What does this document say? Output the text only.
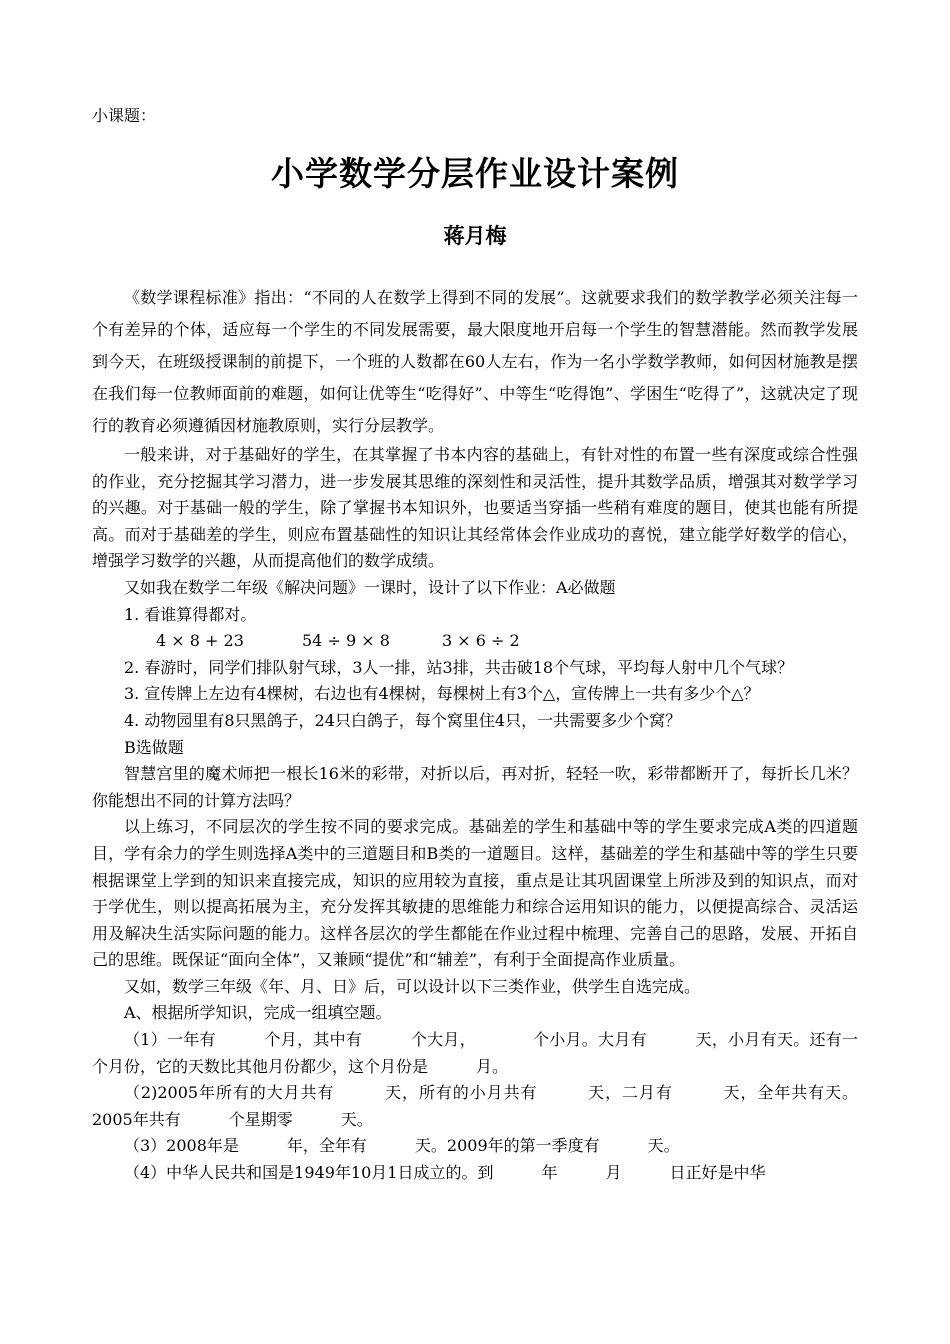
小课题：
小学数学分层作业设计案例
蒋月梅

《数学课程标准》指出：“不同的人在数学上得到不同的发展”。这就要求我们的数学教学必须关注每一个有差异的个体，适应每一个学生的不同发展需要，最大限度地开启每一个学生的智慧潜能。然而教学发展到今天，在班级授课制的前提下，一个班的人数都在60人左右，作为一名小学数学教师，如何因材施教是摆在我们每一位教师面前的难题，如何让优等生“吃得好”、中等生“吃得饱”、学困生“吃得了”，这就决定了现行的教育必须遵循因材施教原则，实行分层教学。

一般来讲，对于基础好的学生，在其掌握了书本内容的基础上，有针对性的布置一些有深度或综合性强的作业，充分挖掘其学习潜力，进一步发展其思维的深刻性和灵活性，提升其数学品质，增强其对数学学习的兴趣。对于基础一般的学生，除了掌握书本知识外，也要适当穿插一些稍有难度的题目，使其也能有所提高。而对于基础差的学生，则应布置基础性的知识让其经常体会作业成功的喜悦，建立能学好数学的信心，增强学习数学的兴趣，从而提高他们的数学成绩。

又如我在数学二年级《解决问题》一课时，设计了以下作业：A必做题

1. 看谁算得都对。

4 × 8 + 23	54 ÷ 9 × 8	3 × 6 ÷ 2

2. 春游时，同学们排队射气球，3人一排，站3排，共击破18个气球，平均每人射中几个气球？

3. 宣传牌上左边有4棵树，右边也有4棵树，每棵树上有3个△，宣传牌上一共有多少个△？

4. 动物园里有8只黑鸽子，24只白鸽子，每个窝里住4只，一共需要多少个窝？

B选做题

智慧宫里的魔术师把一根长16米的彩带，对折以后，再对折，轻轻一吹，彩带都断开了，每折长几米？你能想出不同的计算方法吗？

以上练习，不同层次的学生按不同的要求完成。基础差的学生和基础中等的学生要求完成A类的四道题目，学有余力的学生则选择A类中的三道题目和B类的一道题目。这样，基础差的学生和基础中等的学生只要根据课堂上学到的知识来直接完成，知识的应用较为直接，重点是让其巩固课堂上所涉及到的知识点，而对于学优生，则以提高拓展为主，充分发挥其敏捷的思维能力和综合运用知识的能力，以便提高综合、灵活运用及解决生活实际问题的能力。这样各层次的学生都能在作业过程中梳理、完善自己的思路，发展、开拓自己的思维。既保证“面向全体”，又兼顾“提优”和“辅差”，有利于全面提高作业质量。

又如，数学三年级《年、月、日》后，可以设计以下三类作业，供学生自选完成。

A、根据所学知识，完成一组填空题。

（1）一年有　　　个月，其中有　　　个大月，　　　　个小月。大月有　　　天，小月有天。还有一个月份，它的天数比其他月份都少，这个月份是　　　月。

（2)2005年所有的大月共有　　　天，所有的小月共有　　　天，二月有　　　天，全年共有天。2005年共有　　　个星期零　　　天。

（3）2008年是　　　年，全年有　　　天。2009年的第一季度有　　　天。

（4）中华人民共和国是1949年10月1日成立的。到　　　年　　　月　　　日正好是中华
